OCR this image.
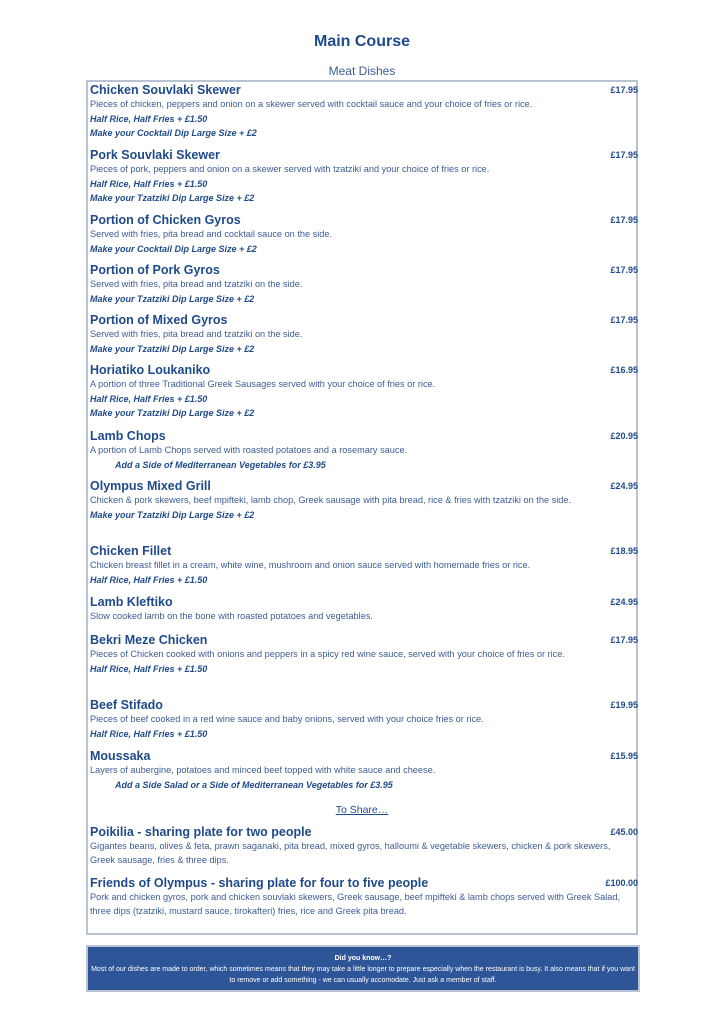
Main Course
Meat Dishes
Chicken Souvlaki Skewer	£17.95
Pieces of chicken, peppers and onion on a skewer served with cocktail sauce and your choice of fries or rice.
Half Rice, Half Fries + £1.50
Make your Cocktail Dip Large Size + £2
Pork Souvlaki Skewer	£17.95
Pieces of pork, peppers and onion on a skewer served with tzatziki and your choice of fries or rice.
Half Rice, Half Fries + £1.50
Make your Tzatziki Dip Large Size + £2
Portion of Chicken Gyros	£17.95
Served with fries, pita bread and cocktail sauce on the side.
Make your Cocktail Dip Large Size + £2
Portion of Pork Gyros	£17.95
Served with fries, pita bread and tzatziki on the side.
Make your Tzatziki Dip Large Size + £2
Portion of Mixed Gyros	£17.95
Served with fries, pita bread and tzatziki on the side.
Make your Tzatziki Dip Large Size + £2
Horiatiko Loukaniko	£16.95
A portion of three Traditional Greek Sausages served with your choice of fries or rice.
Half Rice, Half Fries + £1.50
Make your Tzatziki Dip Large Size + £2
Lamb Chops	£20.95
A portion of Lamb Chops served with roasted potatoes and a rosemary sauce.
Add a Side of Mediterranean Vegetables for £3.95
Olympus Mixed Grill	£24.95
Chicken & pork skewers, beef mpifteki, lamb chop, Greek sausage with pita bread, rice & fries with tzatziki on the side.
Make your Tzatziki Dip Large Size + £2
Chicken Fillet	£18.95
Chicken breast fillet in a cream, white wine, mushroom and onion sauce served with homemade fries or rice.
Half Rice, Half Fries + £1.50
Lamb Kleftiko	£24.95
Slow cooked lamb on the bone with roasted potatoes and vegetables.
Bekri Meze Chicken	£17.95
Pieces of Chicken cooked with onions and peppers in a spicy red wine sauce, served with your choice of fries or rice.
Half Rice, Half Fries + £1.50
Beef Stifado	£19.95
Pieces of beef cooked in a red wine sauce and baby onions, served with your choice fries or rice.
Half Rice, Half Fries + £1.50
Moussaka	£15.95
Layers of aubergine, potatoes and minced beef topped with white sauce and cheese.
Add a Side Salad or a Side of Mediterranean Vegetables for £3.95
Poikilia - sharing plate for two people	£45.00
Gigantes beans, olives & feta, prawn saganaki, pita bread, mixed gyros, halloumi & vegetable skewers, chicken & pork skewers, Greek sausage, fries & three dips.
Friends of Olympus - sharing plate for four to five people	£100.00
Pork and chicken gyros, pork and chicken souvlaki skewers, Greek sausage, beef mpifteki & lamb chops served with Greek Salad, three dips (tzatziki, mustard sauce, tirokafteri) fries, rice and Greek pita bread.
To Share…
Did you know…?
Most of our dishes are made to order, which sometimes means that they may take a little longer to prepare especially when the restaurant is busy. It also means that if you want to remove or add something - we can usually accomodate. Just ask a member of staff.
